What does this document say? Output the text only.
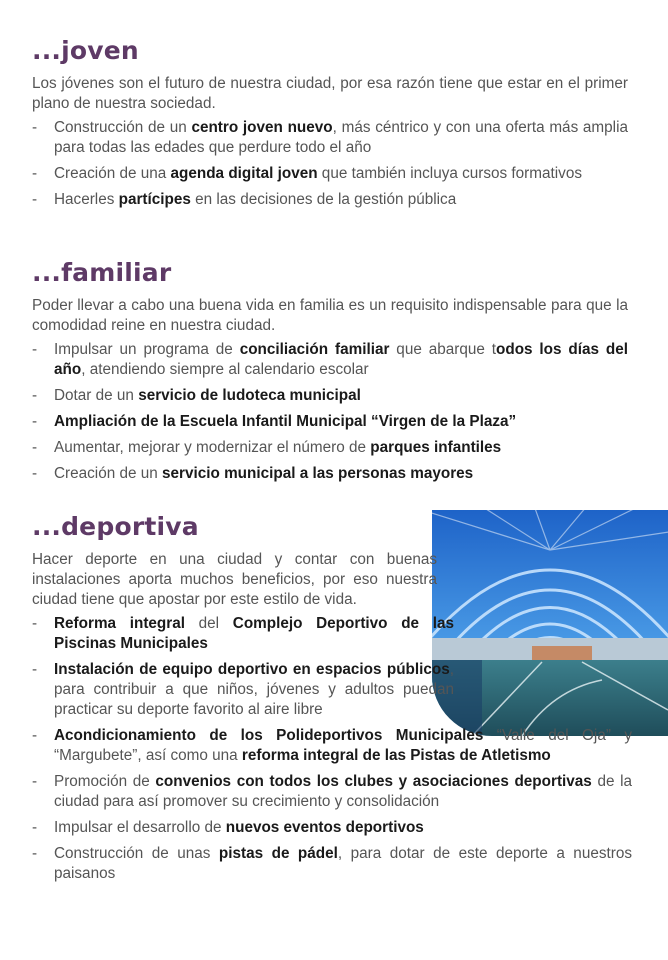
...joven

Los jóvenes son el futuro de nuestra ciudad, por esa razón tiene que estar en el primer plano de nuestra sociedad.

- Construcción de un centro joven nuevo, más céntrico y con una oferta más amplia para todas las edades que perdure todo el año
- Creación de una agenda digital joven que también incluya cursos formativos
- Hacerles partícipes en las decisiones de la gestión pública
...familiar

Poder llevar a cabo una buena vida en familia es un requisito indispensable para que la comodidad reine en nuestra ciudad.

- Impulsar un programa de conciliación familiar que abarque todos los días del año, atendiendo siempre al calendario escolar
- Dotar de un servicio de ludoteca municipal
- Ampliación de la Escuela Infantil Municipal “Virgen de la Plaza”
- Aumentar, mejorar y modernizar el número de parques infantiles
- Creación de un servicio municipal a las personas mayores
...deportiva

Hacer deporte en una ciudad y contar con buenas instalaciones aporta muchos beneficios, por eso nuestra ciudad tiene que apostar por este estilo de vida.

- Reforma integral del Complejo Deportivo de las Piscinas Municipales
- Instalación de equipo deportivo en espacios públicos, para contribuir a que niños, jóvenes y adultos puedan practicar su deporte favorito al aire libre
- Acondicionamiento de los Polideportivos Municipales “Valle del Oja” y “Margubete”, así como una reforma integral de las Pistas de Atletismo
- Promoción de convenios con todos los clubes y asociaciones deportivas de la ciudad para así promover su crecimiento y consolidación
- Impulsar el desarrollo de nuevos eventos deportivos
- Construcción de unas pistas de pádel, para dotar de este deporte a nuestros paisanos
